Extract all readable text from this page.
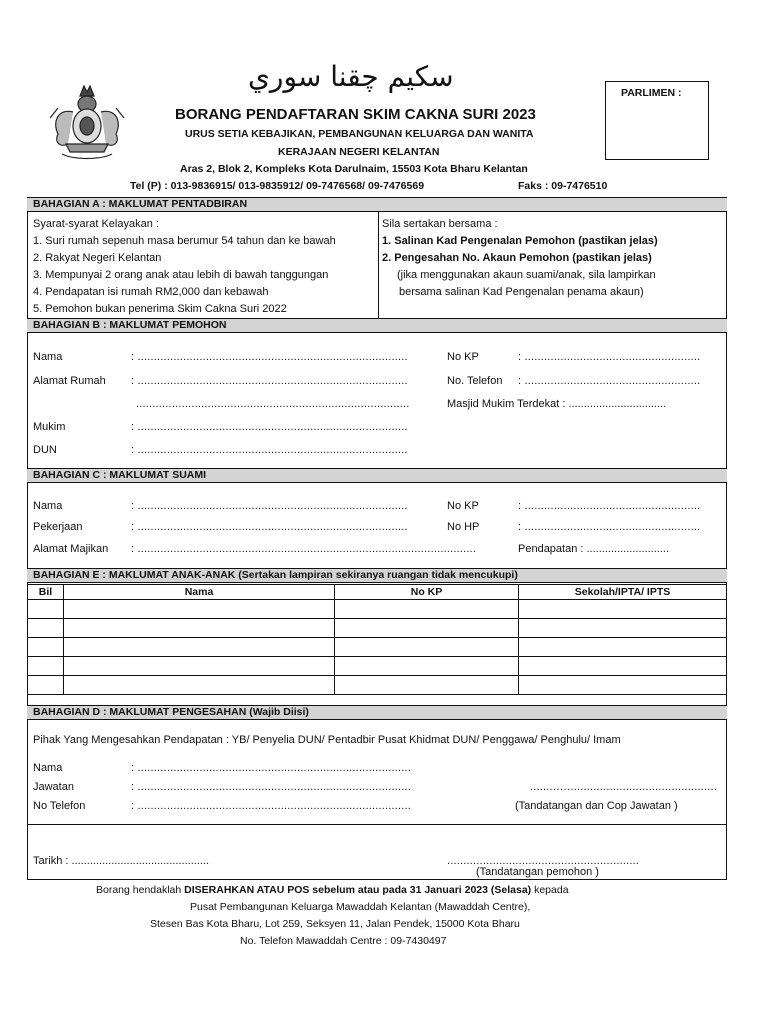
سكيم چقنا سوري
BORANG PENDAFTARAN SKIM CAKNA SURI 2023
URUS SETIA KEBAJIKAN, PEMBANGUNAN KELUARGA DAN WANITA
KERAJAAN NEGERI KELANTAN
Aras 2, Blok 2, Kompleks Kota Darulnaim, 15503 Kota Bharu Kelantan
Tel (P) : 013-9836915/ 013-9835912/ 09-7476568/ 09-7476569	Faks : 09-7476510
PARLIMEN :
BAHAGIAN A : MAKLUMAT PENTADBIRAN
Syarat-syarat Kelayakan :
1. Suri rumah sepenuh masa berumur 54 tahun dan ke bawah
2. Rakyat Negeri Kelantan
3. Mempunyai 2 orang anak atau lebih di bawah tanggungan
4. Pendapatan isi rumah RM2,000 dan kebawah
5. Pemohon bukan penerima Skim Cakna Suri 2022
Sila sertakan bersama :
1. Salinan Kad Pengenalan Pemohon (pastikan jelas)
2. Pengesahan No. Akaun Pemohon (pastikan jelas)
(jika menggunakan akaun suami/anak, sila lampirkan
bersama salinan Kad Pengenalan penama akaun)
BAHAGIAN B : MAKLUMAT PEMOHON
Nama	: ...................................................................................
Alamat Rumah : ...................................................................................
....................................................................................
Mukim	: ...................................................................................
DUN	: ...................................................................................
No KP	: ......................................................
No. Telefon : ......................................................
Masjid Mukim Terdekat : ................................
BAHAGIAN C : MAKLUMAT SUAMI
Nama	: ...................................................................................
Pekerjaan	: ...................................................................................
Alamat Majikan : ........................................................................................................
No KP	: ......................................................
No HP	: ......................................................
Pendapatan : ...........................
BAHAGIAN E : MAKLUMAT ANAK-ANAK (Sertakan lampiran sekiranya ruangan tidak mencukupi)
Bil	Nama	No KP	Sekolah/IPTA/ IPTS

BAHAGIAN D : MAKLUMAT PENGESAHAN (Wajib Diisi)
Pihak Yang Mengesahkan Pendapatan : YB/ Penyelia DUN/ Pentadbir Pusat Khidmat DUN/ Penggawa/ Penghulu/ Imam
Nama	: ....................................................................................
Jawatan	: ....................................................................................
No Telefon	: ....................................................................................
........…..............................................
(Tandatangan dan Cop Jawatan )
Tarikh : .............................................	...........................................................
(Tandatangan pemohon )
Borang hendaklah DISERAHKAN ATAU POS sebelum atau pada 31 Januari 2023 (Selasa) kepada
Pusat Pembangunan Keluarga Mawaddah Kelantan (Mawaddah Centre),
Stesen Bas Kota Bharu, Lot 259, Seksyen 11, Jalan Pendek, 15000 Kota Bharu
No. Telefon Mawaddah Centre : 09-7430497
